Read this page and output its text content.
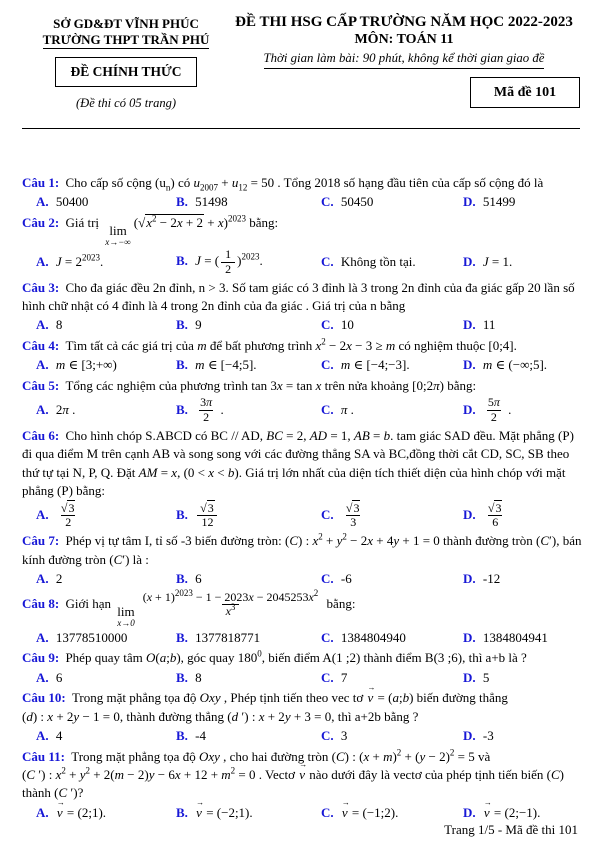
SỞ GD&ĐT VĨNH PHÚC
TRƯỜNG THPT TRẦN PHÚ
ĐỀ CHÍNH THỨC
(Đề thi có 05 trang)
ĐỀ THI HSG CẤP TRƯỜNG NĂM HỌC 2022-2023
MÔN: TOÁN 11
Thời gian làm bài: 90 phút, không kể thời gian giao đề
Mã đề 101

Câu 1: Cho cấp số cộng $(u_n)$ có $u_{2007} + u_{12} = 50$ . Tổng 2018 số hạng đầu tiên của cấp số cộng đó là

A. 50400	B. 51498	C. 50450	D. 51499

Câu 2: Giá trị
lim
x→−∞
$(√x^2 - 2x + 2 + x)^{2023}$ bằng:

A. $J = 2^{2023}$.	B. J = ( $\frac{1}{2} )^{2023}$.	C. Không tồn tại.	D. J = 1.

Câu 3: Cho đa giác đều 2n đỉnh, n > 3. Số tam giác có 3 đỉnh là 3 trong 2n đỉnh của đa giác gấp 20 lần số hình chữ nhật có 4 đỉnh là 4 trong 2n đỉnh của đa giác . Giá trị của n bằng

A. 8	B. 9	C. 10	D. 11

Câu 4: Tìm tất cả các giá trị của m để bất phương trình $x^2 - 2x - 3 \ge m$ có nghiệm thuộc [0;4].

A. m ∈ [3;+∞)	B. m ∈ [−4;5].	C. m ∈ [−4;−3].	D. m ∈ (−∞;5].

Câu 5: Tổng các nghiệm của phương trình tan 3x = tan x trên nửa khoảng [0;2π) bằng:

A. 2π .	B. $\frac{3\pi}{2}$ .	C. π .	D. $\frac{5\pi}{2}$ .

Câu 6: Cho hình chóp S.ABCD có BC // AD, BC = 2, AD = 1, AB = b. tam giác SAD đều. Mặt phẳng (P) đi qua điểm M trên cạnh AB và song song với các đường thẳng SA và BC,đồng thời cắt CD, SC, SB theo thứ tự tại N, P, Q. Đặt AM = x, (0 < x < b). Giá trị lớn nhất của diện tích thiết diện của hình chóp với mặt phẳng (P) bằng:

A. $\frac{√3}{2}$	B. $\frac{√3}{12}$	C. $\frac{√3}{3}$	D. $\frac{√3}{6}$

Câu 7: Phép vị tự tâm I, tỉ số -3 biến đường tròn: (C) : $x^2 + y^2 - 2x + 4y + 1 = 0$ thành đường tròn (C′), bán kính đường tròn (C′) là :

A. 2	B. 6	C. -6	D. -12

Câu 8: Giới hạn
lim
x→0
$\frac{(x + 1)^{2023} - 1 - 2023x - 2045253x^2}{x^3}$ bằng:

A. 13778510000	B. 1377818771	C. 1384804940	D. 1384804941

Câu 9: Phép quay tâm O(a;b), góc quay $180^0$, biến điểm A(1 ;2) thành điểm B(3 ;6), thì a+b là ?

A. 6	B. 8	C. 7	D. 5

Câu 10: Trong mặt phẳng tọa độ Oxy , Phép tịnh tiến theo vec tơ → v = (a;b) biến đường thẳng
(d) : x + 2y − 1 = 0, thành đường thẳng (d ′) : x + 2y + 3 = 0, thì a+2b bằng ?

A. 4	B. -4	C. 3	D. -3

Câu 11: Trong mặt phẳng tọa độ Oxy , cho hai đường tròn (C) : $(x + m)^2 + (y - 2)^2 = 5$ và
(C ′) : $x^2 + y^2 + 2(m - 2)y - 6x + 12 + m^2 = 0$ . Vectơ → v nào dưới đây là vectơ của phép tịnh tiến biến (C) thành (C ′)?

A. → v = (2;1).	B. → v = (−2;1).	C. → v = (−1;2).	D. → v = (2;−1).
Trang 1/5 - Mã đề thi 101
